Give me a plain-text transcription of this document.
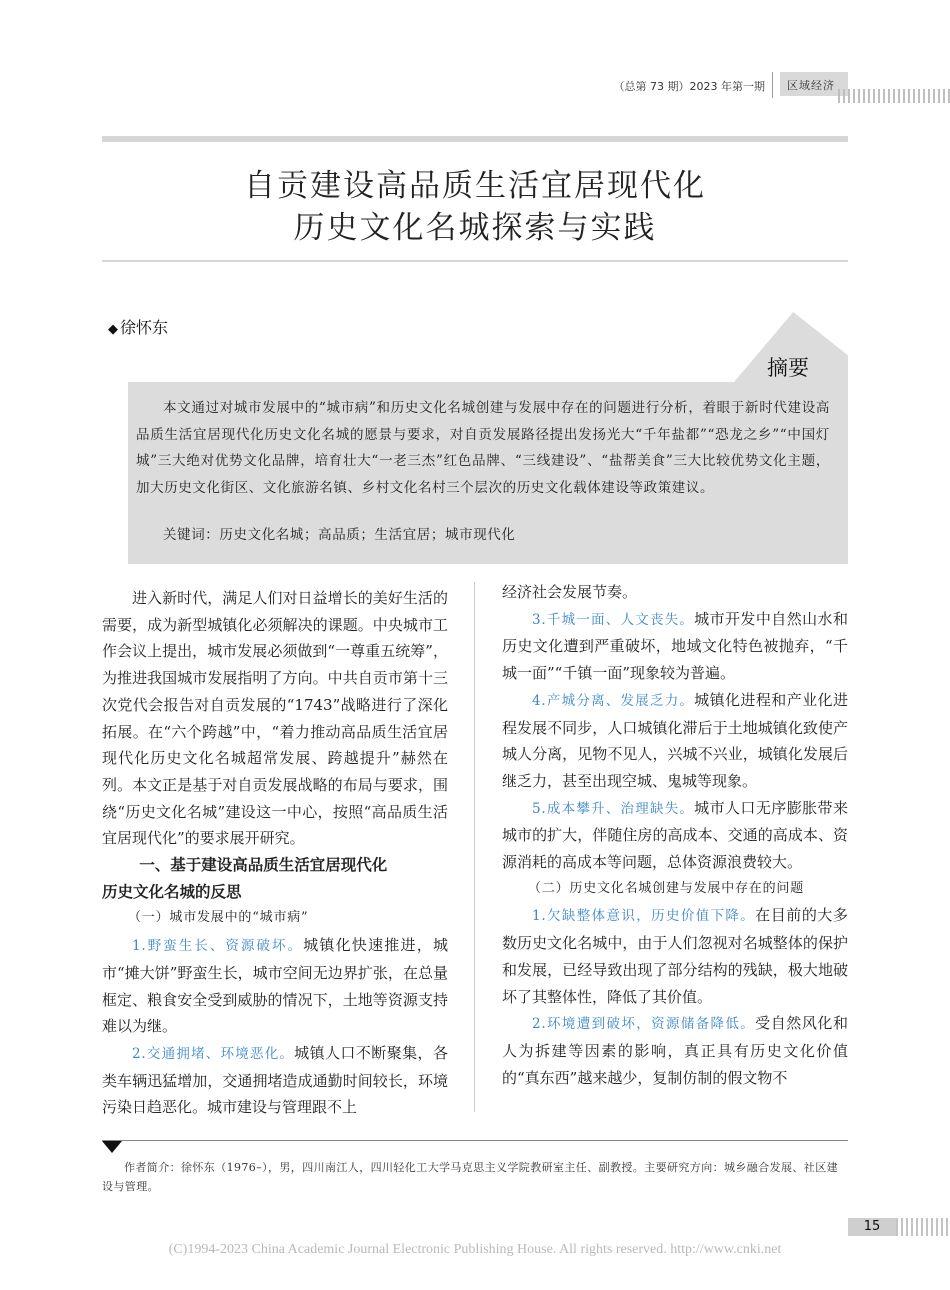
（总第 73 期）2023 年第一期	区域经济
自贡建设高品质生活宜居现代化
历史文化名城探索与实践
◆ 徐怀东
摘要
本文通过对城市发展中的“城市病”和历史文化名城创建与发展中存在的问题进行分析，着眼于新时代建设高品质生活宜居现代化历史文化名城的愿景与要求，对自贡发展路径提出发扬光大“千年盐都”“恐龙之乡”“中国灯城”三大绝对优势文化品牌，培育壮大“一老三杰”红色品牌、“三线建设”、“盐帮美食”三大比较优势文化主题，加大历史文化街区、文化旅游名镇、乡村文化名村三个层次的历史文化载体建设等政策建议。
关键词：历史文化名城；高品质；生活宜居；城市现代化

进入新时代，满足人们对日益增长的美好生活的需要，成为新型城镇化必须解决的课题。中央城市工作会议上提出，城市发展必须做到“一尊重五统筹”，为推进我国城市发展指明了方向。中共自贡市第十三次党代会报告对自贡发展的“1743”战略进行了深化拓展。在“六个跨越”中，“着力推动高品质生活宜居现代化历史文化名城超常发展、跨越提升”赫然在列。本文正是基于对自贡发展战略的布局与要求，围绕“历史文化名城”建设这一中心，按照“高品质生活宜居现代化”的要求展开研究。

一、基于建设高品质生活宜居现代化

历史文化名城的反思

（一）城市发展中的“城市病”

1.野蛮生长、资源破坏。城镇化快速推进，城市“摊大饼”野蛮生长，城市空间无边界扩张，在总量框定、粮食安全受到威胁的情况下，土地等资源支持难以为继。

2.交通拥堵、环境恶化。城镇人口不断聚集，各类车辆迅猛增加，交通拥堵造成通勤时间较长，环境污染日趋恶化。城市建设与管理跟不上

经济社会发展节奏。

3.千城一面、人文丧失。城市开发中自然山水和历史文化遭到严重破坏，地域文化特色被抛弃，“千城一面”“千镇一面”现象较为普遍。

4.产城分离、发展乏力。城镇化进程和产业化进程发展不同步，人口城镇化滞后于土地城镇化致使产城人分离，见物不见人，兴城不兴业，城镇化发展后继乏力，甚至出现空城、鬼城等现象。

5.成本攀升、治理缺失。城市人口无序膨胀带来城市的扩大，伴随住房的高成本、交通的高成本、资源消耗的高成本等问题，总体资源浪费较大。

（二）历史文化名城创建与发展中存在的问题

1.欠缺整体意识，历史价值下降。在目前的大多数历史文化名城中，由于人们忽视对名城整体的保护和发展，已经导致出现了部分结构的残缺，极大地破坏了其整体性，降低了其价值。

2.环境遭到破坏，资源储备降低。受自然风化和人为拆建等因素的影响，真正具有历史文化价值的“真东西”越来越少，复制仿制的假文物不

作者简介：徐怀东（1976–），男，四川南江人，四川轻化工大学马克思主义学院教研室主任、副教授。主要研究方向：城乡融合发展、社区建设与管理。
15
(C)1994-2023 China Academic Journal Electronic Publishing House. All rights reserved. http://www.cnki.net
